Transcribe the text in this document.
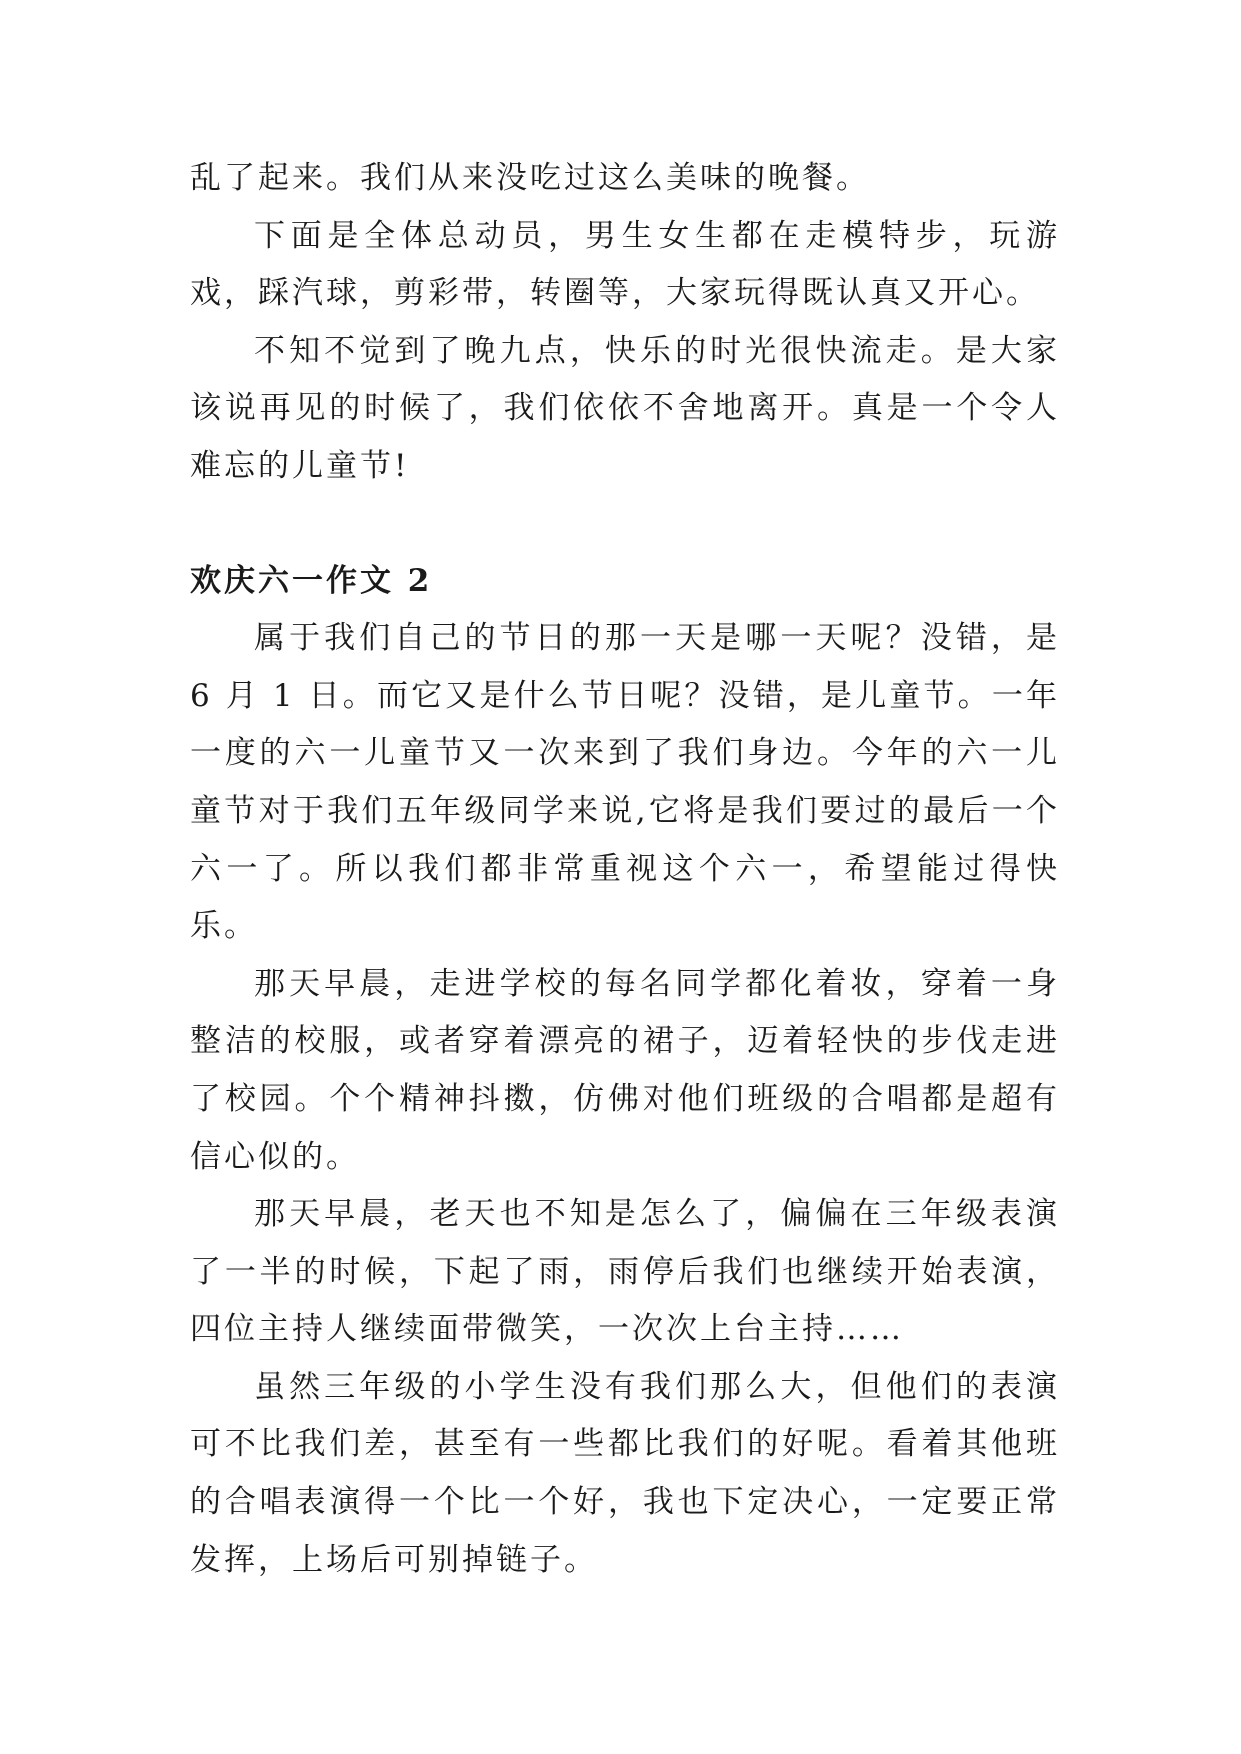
乱了起来。我们从来没吃过这么美味的晚餐。

下面是全体总动员，男生女生都在走模特步，玩游戏，踩汽球，剪彩带，转圈等，大家玩得既认真又开心。

不知不觉到了晚九点，快乐的时光很快流走。是大家该说再见的时候了，我们依依不舍地离开。真是一个令人难忘的儿童节!

欢庆六一作文 2

属于我们自己的节日的那一天是哪一天呢？没错，是 6 月 1 日。而它又是什么节日呢？没错，是儿童节。一年一度的六一儿童节又一次来到了我们身边。今年的六一儿童节对于我们五年级同学来说,它将是我们要过的最后一个六一了。所以我们都非常重视这个六一，希望能过得快乐。

那天早晨，走进学校的每名同学都化着妆，穿着一身整洁的校服，或者穿着漂亮的裙子，迈着轻快的步伐走进了校园。个个精神抖擞，仿佛对他们班级的合唱都是超有信心似的。

那天早晨，老天也不知是怎么了，偏偏在三年级表演了一半的时候，下起了雨，雨停后我们也继续开始表演，四位主持人继续面带微笑，一次次上台主持……

虽然三年级的小学生没有我们那么大，但他们的表演可不比我们差，甚至有一些都比我们的好呢。看着其他班的合唱表演得一个比一个好，我也下定决心，一定要正常发挥，上场后可别掉链子。
